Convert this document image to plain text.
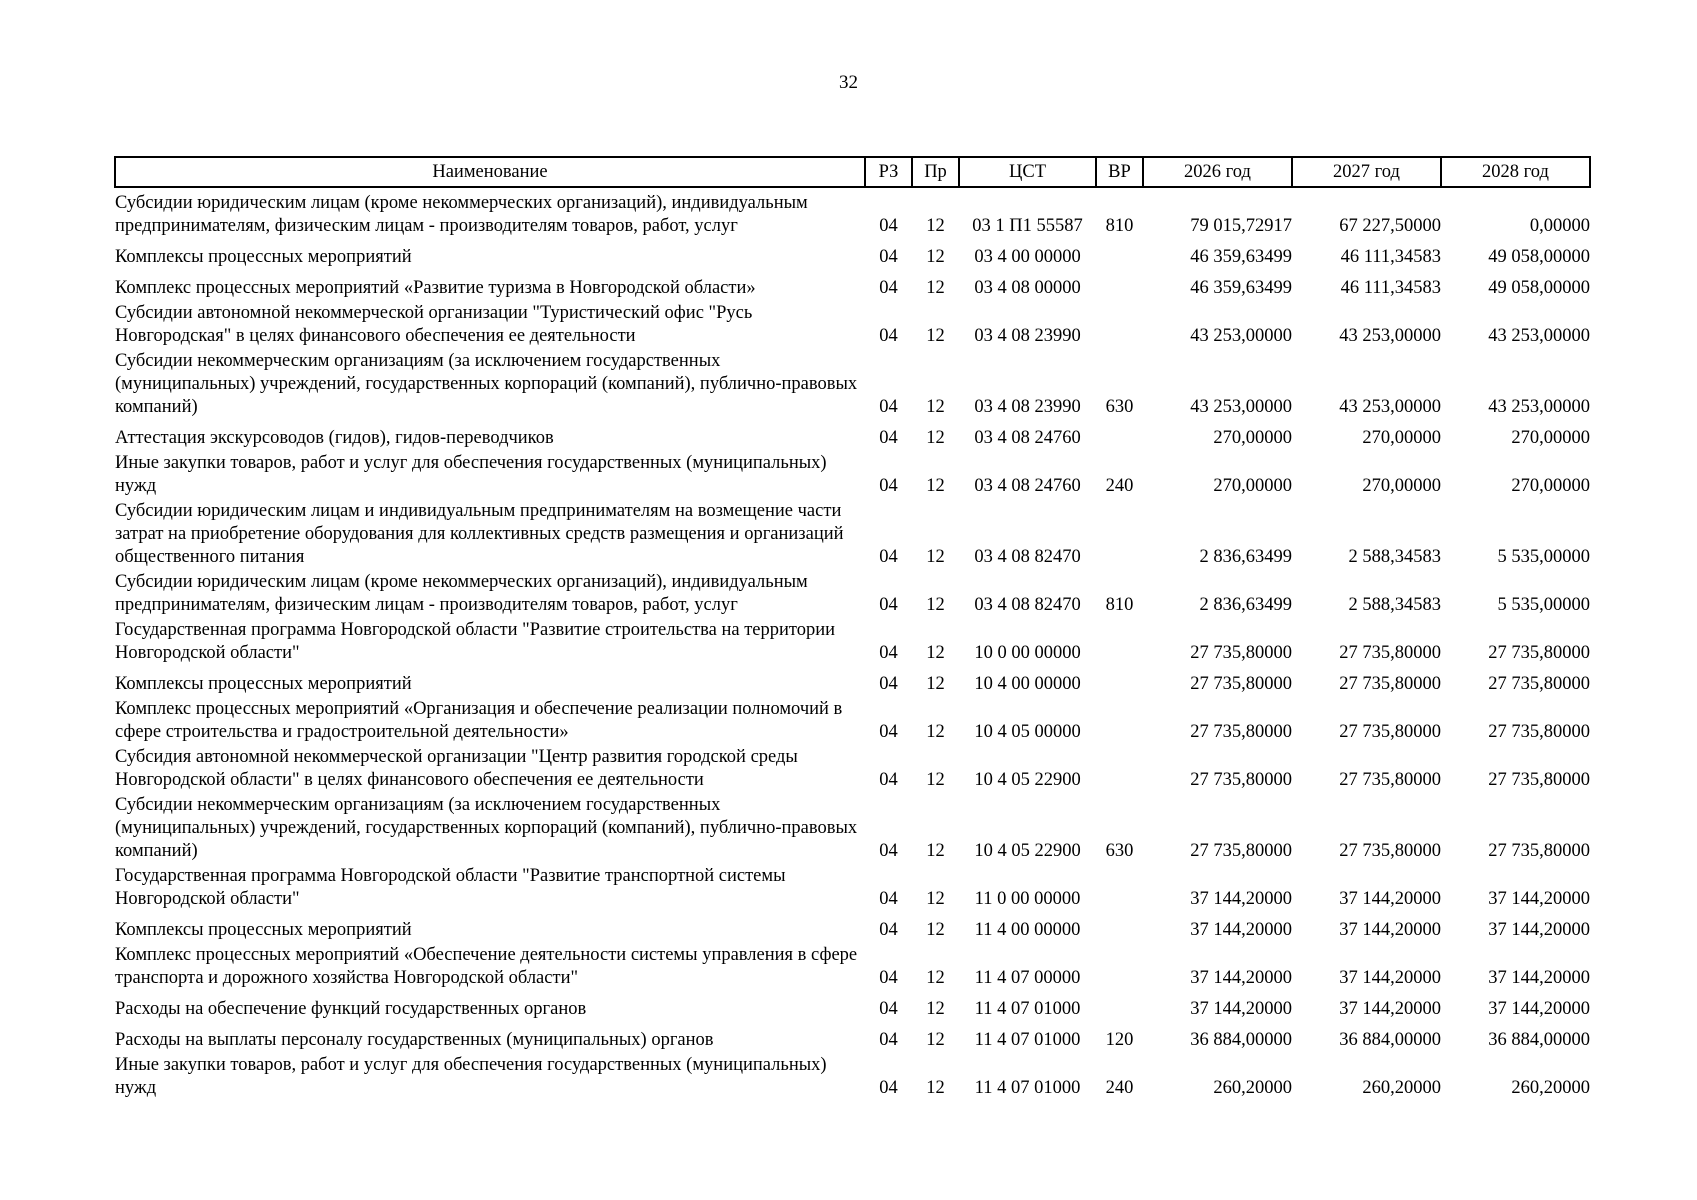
32
Наименование	РЗ	Пр	ЦСТ	ВР	2026 год	2027 год	2028 год
Субсидии юридическим лицам (кроме некоммерческих организаций), индивидуальным предпринимателям, физическим лицам - производителям товаров, работ, услуг	04	12	03 1 П1 55587	810	79 015,72917	67 227,50000	0,00000
Комплексы процессных мероприятий	04	12	03 4 00 00000		46 359,63499	46 111,34583	49 058,00000
Комплекс процессных мероприятий «Развитие туризма в Новгородской области»	04	12	03 4 08 00000		46 359,63499	46 111,34583	49 058,00000
Субсидии автономной некоммерческой организации "Туристический офис "Русь Новгородская" в целях финансового обеспечения ее деятельности	04	12	03 4 08 23990		43 253,00000	43 253,00000	43 253,00000
Субсидии некоммерческим организациям (за исключением государственных (муниципальных) учреждений, государственных корпораций (компаний), публично-правовых компаний)	04	12	03 4 08 23990	630	43 253,00000	43 253,00000	43 253,00000
Аттестация экскурсоводов (гидов), гидов-переводчиков	04	12	03 4 08 24760		270,00000	270,00000	270,00000
Иные закупки товаров, работ и услуг для обеспечения государственных (муниципальных) нужд	04	12	03 4 08 24760	240	270,00000	270,00000	270,00000
Субсидии юридическим лицам и индивидуальным предпринимателям на возмещение части затрат на приобретение оборудования для коллективных средств размещения и организаций общественного питания	04	12	03 4 08 82470		2 836,63499	2 588,34583	5 535,00000
Субсидии юридическим лицам (кроме некоммерческих организаций), индивидуальным предпринимателям, физическим лицам - производителям товаров, работ, услуг	04	12	03 4 08 82470	810	2 836,63499	2 588,34583	5 535,00000
Государственная программа Новгородской области "Развитие строительства на территории Новгородской области"	04	12	10 0 00 00000		27 735,80000	27 735,80000	27 735,80000
Комплексы процессных мероприятий	04	12	10 4 00 00000		27 735,80000	27 735,80000	27 735,80000
Комплекс процессных мероприятий «Организация и обеспечение реализации полномочий в сфере строительства и градостроительной деятельности»	04	12	10 4 05 00000		27 735,80000	27 735,80000	27 735,80000
Субсидия автономной некоммерческой организации "Центр развития городской среды Новгородской области" в целях финансового обеспечения ее деятельности	04	12	10 4 05 22900		27 735,80000	27 735,80000	27 735,80000
Субсидии некоммерческим организациям (за исключением государственных (муниципальных) учреждений, государственных корпораций (компаний), публично-правовых компаний)	04	12	10 4 05 22900	630	27 735,80000	27 735,80000	27 735,80000
Государственная программа Новгородской области "Развитие транспортной системы Новгородской области"	04	12	11 0 00 00000		37 144,20000	37 144,20000	37 144,20000
Комплексы процессных мероприятий	04	12	11 4 00 00000		37 144,20000	37 144,20000	37 144,20000
Комплекс процессных мероприятий «Обеспечение деятельности системы управления в сфере транспорта и дорожного хозяйства Новгородской области"	04	12	11 4 07 00000		37 144,20000	37 144,20000	37 144,20000
Расходы на обеспечение функций государственных органов	04	12	11 4 07 01000		37 144,20000	37 144,20000	37 144,20000
Расходы на выплаты персоналу государственных (муниципальных) органов	04	12	11 4 07 01000	120	36 884,00000	36 884,00000	36 884,00000
Иные закупки товаров, работ и услуг для обеспечения государственных (муниципальных) нужд	04	12	11 4 07 01000	240	260,20000	260,20000	260,20000
